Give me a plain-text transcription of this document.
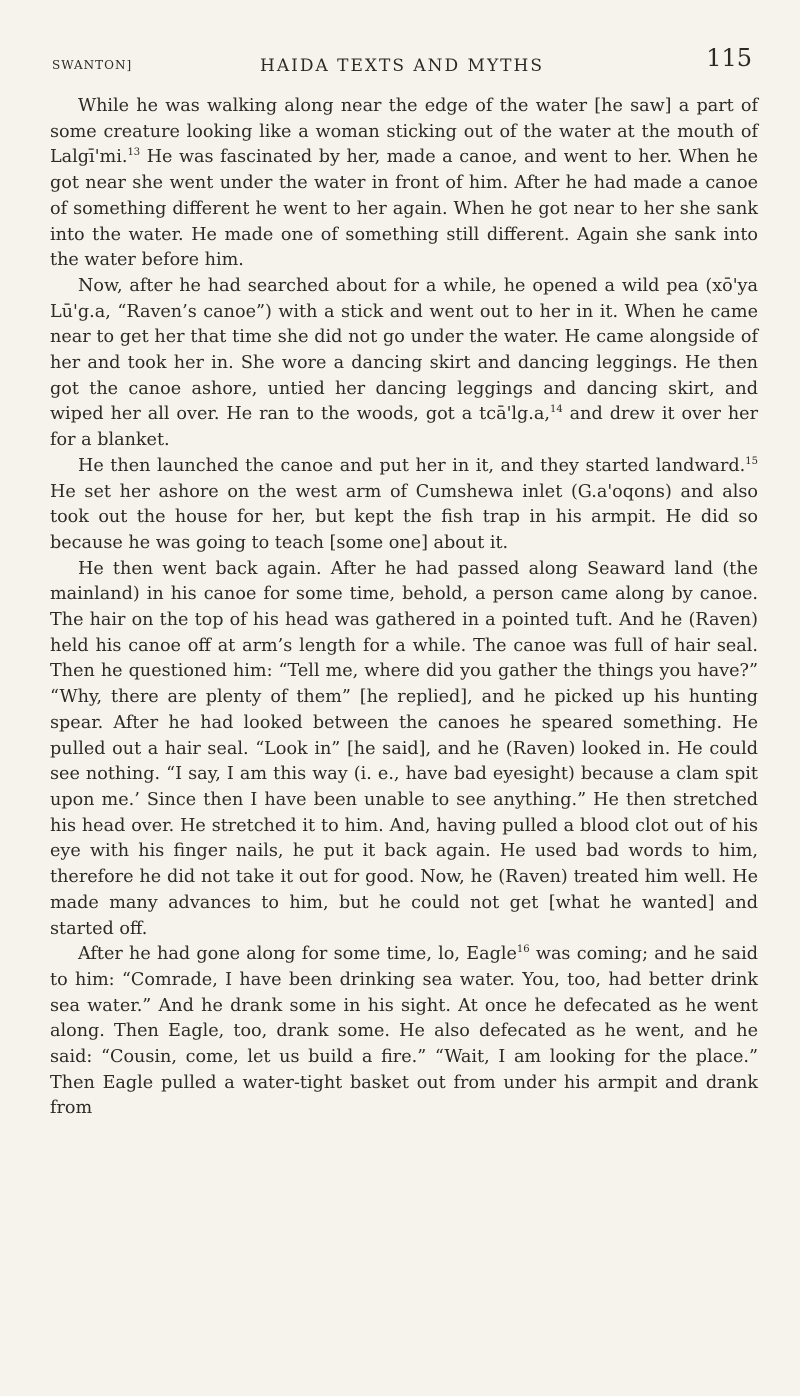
SWANTON]	HAIDA TEXTS AND MYTHS	115

While he was walking along near the edge of the water [he saw] a part of some creature looking like a woman sticking out of the water at the mouth of Lalgī'mi.$^{13}$ He was fascinated by her, made a canoe, and went to her. When he got near she went under the water in front of him. After he had made a canoe of something different he went to her again. When he got near to her she sank into the water. He made one of something still different. Again she sank into the water before him.

Now, after he had searched about for a while, he opened a wild pea (xō'ya Lū'g.a, “Raven’s canoe”) with a stick and went out to her in it. When he came near to get her that time she did not go under the water. He came alongside of her and took her in. She wore a dancing skirt and dancing leggings. He then got the canoe ashore, untied her dancing leggings and dancing skirt, and wiped her all over. He ran to the woods, got a tcā'lg.a,$^{14}$ and drew it over her for a blanket.

He then launched the canoe and put her in it, and they started landward.$^{15}$ He set her ashore on the west arm of Cumshewa inlet (G.a'oqons) and also took out the house for her, but kept the fish trap in his armpit. He did so because he was going to teach [some one] about it.

He then went back again. After he had passed along Seaward land (the mainland) in his canoe for some time, behold, a person came along by canoe. The hair on the top of his head was gathered in a pointed tuft. And he (Raven) held his canoe off at arm’s length for a while. The canoe was full of hair seal. Then he questioned him: “Tell me, where did you gather the things you have?” “Why, there are plenty of them” [he replied], and he picked up his hunting spear. After he had looked between the canoes he speared something. He pulled out a hair seal. “Look in” [he said], and he (Raven) looked in. He could see nothing. “I say, I am this way (i. e., have bad eyesight) because a clam spit upon me.’ Since then I have been unable to see anything.” He then stretched his head over. He stretched it to him. And, having pulled a blood clot out of his eye with his finger nails, he put it back again. He used bad words to him, therefore he did not take it out for good. Now, he (Raven) treated him well. He made many advances to him, but he could not get [what he wanted] and started off.

After he had gone along for some time, lo, Eagle$^{16}$ was coming; and he said to him: “Comrade, I have been drinking sea water. You, too, had better drink sea water.” And he drank some in his sight. At once he defecated as he went along. Then Eagle, too, drank some. He also defecated as he went, and he said: “Cousin, come, let us build a fire.” “Wait, I am looking for the place.” Then Eagle pulled a water-tight basket out from under his armpit and drank from
